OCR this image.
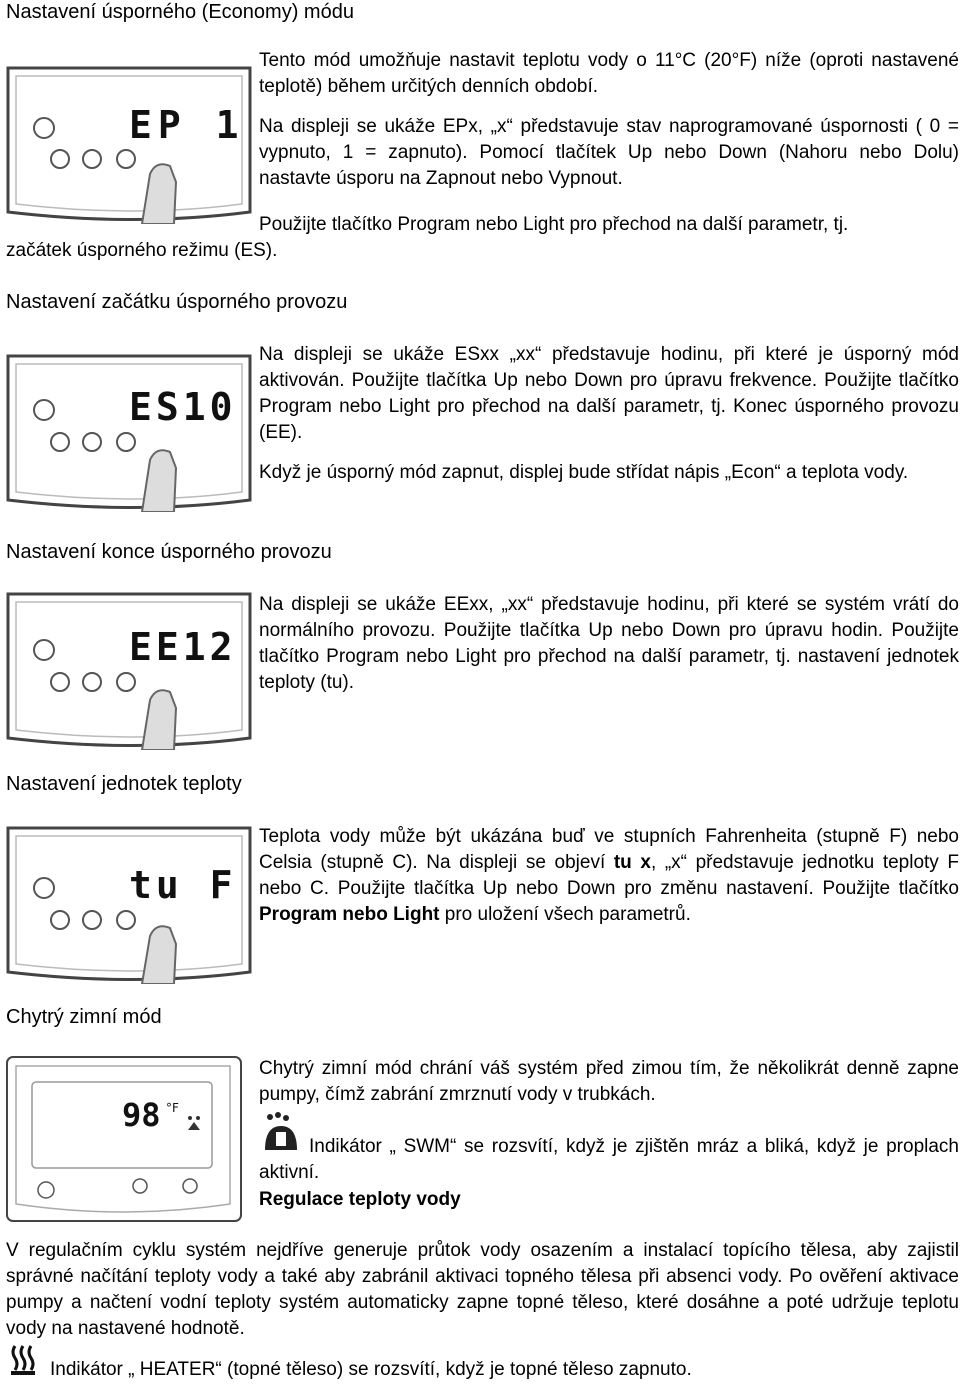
Nastavení úsporného (Economy) módu
EP 1

Tento mód umožňuje nastavit teplotu vody o 11°C (20°F) níže (oproti nastavené teplotě) během určitých denních období.

Na displeji se ukáže EPx, „x“ představuje stav naprogramované úspornosti ( 0 = vypnuto, 1 = zapnuto). Pomocí tlačítek Up nebo Down (Nahoru nebo Dolu) nastavte úsporu na Zapnout nebo Vypnout.

Použijte tlačítko Program nebo Light pro přechod na další parametr, tj.
začátek úsporného režimu (ES).
Nastavení začátku úsporného provozu
ES10

Na displeji se ukáže ESxx „xx“ představuje hodinu, při které je úsporný mód aktivován. Použijte tlačítka Up nebo Down pro úpravu frekvence. Použijte tlačítko Program nebo Light pro přechod na další parametr, tj. Konec úsporného provozu (EE).

Když je úsporný mód zapnut, displej bude střídat nápis „Econ“ a teplota vody.

Nastavení konce úsporného provozu
EE12
Na displeji se ukáže EExx, „xx“ představuje hodinu, při které se systém vrátí do normálního provozu. Použijte tlačítka Up nebo Down pro úpravu hodin. Použijte tlačítko Program nebo Light pro přechod na další parametr, tj. nastavení jednotek teploty (tu).
Nastavení jednotek teploty
tu F
Teplota vody může být ukázána buď ve stupních Fahrenheita (stupně F) nebo Celsia (stupně C). Na displeji se objeví tu x, „x“ představuje jednotku teploty F nebo C. Použijte tlačítka Up nebo Down pro změnu nastavení. Použijte tlačítko Program nebo Light pro uložení všech parametrů.
Chytrý zimní mód
98 °F
Chytrý zimní mód chrání váš systém před zimou tím, že několikrát denně zapne pumpy, čímž zabrání zmrznutí vody v trubkách.
Indikátor „ SWM“ se rozsvítí, když je zjištěn mráz a bliká, když je proplach aktivní.
Regulace teploty vody
V regulačním cyklu systém nejdříve generuje průtok vody osazením a instalací topícího tělesa, aby zajistil správné načítání teploty vody a také aby zabránil aktivaci topného tělesa při absenci vody. Po ověření aktivace pumpy a načtení vodní teploty systém automaticky zapne topné těleso, které dosáhne a poté udržuje teplotu vody na nastavené hodnotě.
Indikátor „ HEATER“ (topné těleso) se rozsvítí, když je topné těleso zapnuto.
